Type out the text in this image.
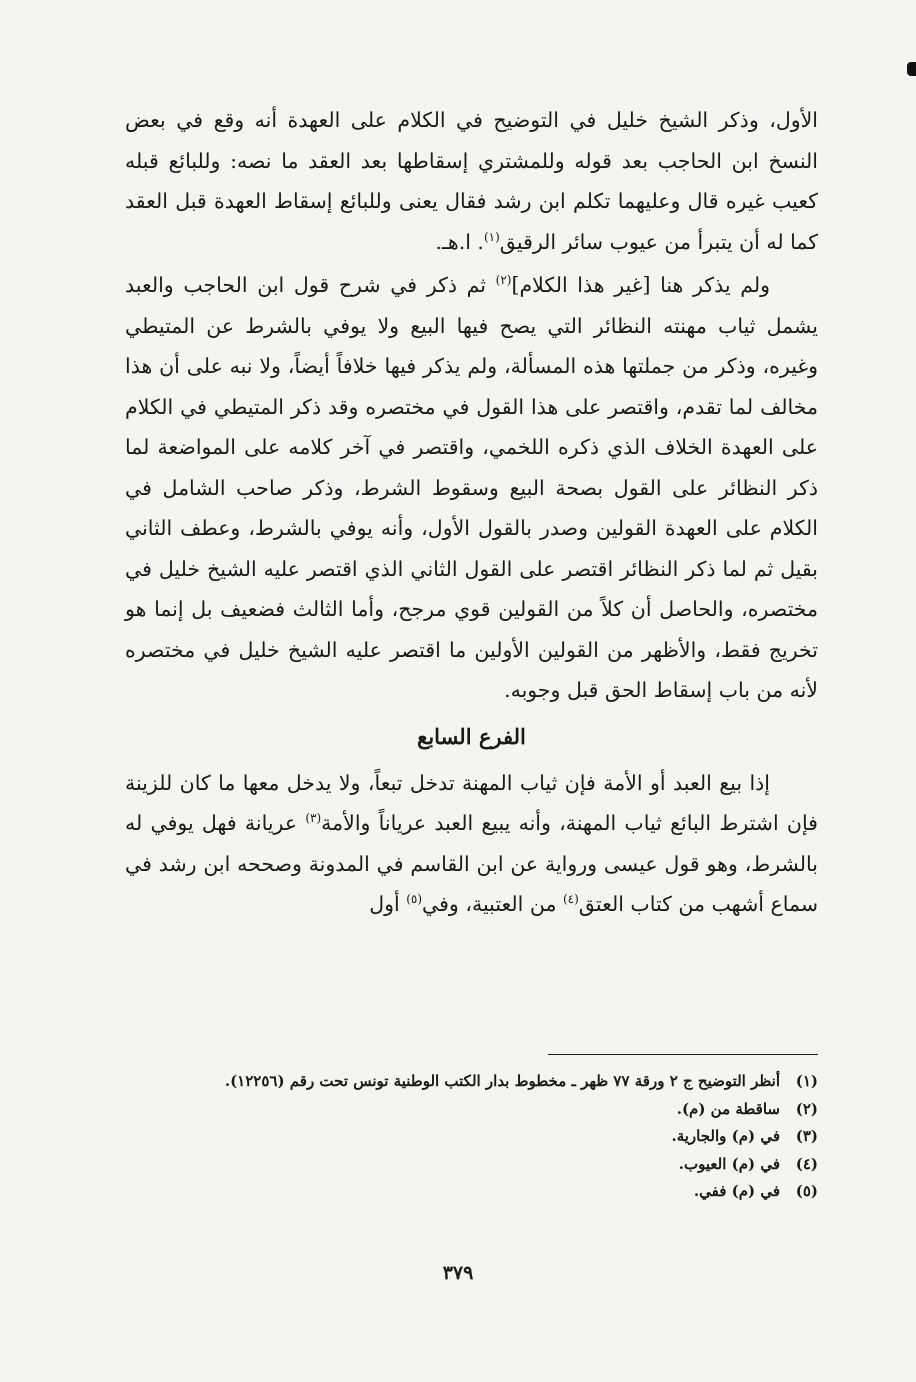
الأول، وذكر الشيخ خليل في التوضيح في الكلام على العهدة أنه وقع في بعض النسخ ابن الحاجب بعد قوله وللمشتري إسقاطها بعد العقد ما نصه: وللبائع قبله كعيب غيره قال وعليهما تكلم ابن رشد فقال يعنى وللبائع إسقاط العهدة قبل العقد كما له أن يتبرأ من عيوب سائر الرقيق$^{(١)}$. ا.هـ.

ولم يذكر هنا [غير هذا الكلام]$^{(٢)}$ ثم ذكر في شرح قول ابن الحاجب والعبد يشمل ثياب مهنته النظائر التي يصح فيها البيع ولا يوفي بالشرط عن المتيطي وغيره، وذكر من جملتها هذه المسألة، ولم يذكر فيها خلافاً أيضاً، ولا نبه على أن هذا مخالف لما تقدم، واقتصر على هذا القول في مختصره وقد ذكر المتيطي في الكلام على العهدة الخلاف الذي ذكره اللخمي، واقتصر في آخر كلامه على المواضعة لما ذكر النظائر على القول بصحة البيع وسقوط الشرط، وذكر صاحب الشامل في الكلام على العهدة القولين وصدر بالقول الأول، وأنه يوفي بالشرط، وعطف الثاني بقيل ثم لما ذكر النظائر اقتصر على القول الثاني الذي اقتصر عليه الشيخ خليل في مختصره، والحاصل أن كلاً من القولين قوي مرجح، وأما الثالث فضعيف بل إنما هو تخريج فقط، والأظهر من القولين الأولين ما اقتصر عليه الشيخ خليل في مختصره لأنه من باب إسقاط الحق قبل وجوبه.

الفرع السابع

إذا بيع العبد أو الأمة فإن ثياب المهنة تدخل تبعاً، ولا يدخل معها ما كان للزينة فإن اشترط البائع ثياب المهنة، وأنه يبيع العبد عرياناً والأمة$^{(٣)}$ عريانة فهل يوفي له بالشرط، وهو قول عيسى ورواية عن ابن القاسم في المدونة وصححه ابن رشد في سماع أشهب من كتاب العتق$^{(٤)}$ من العتبية، وفي$^{(٥)}$ أول

(١)أنظر التوضيح ج ٢ ورقة ٧٧ ظهر ـ مخطوط بدار الكتب الوطنية تونس تحت رقم (١٢٢٥٦).
(٢)ساقطة من (م).
(٣)في (م) والجارية.
(٤)في (م) العيوب.
(٥)في (م) ففي.
٣٧٩
